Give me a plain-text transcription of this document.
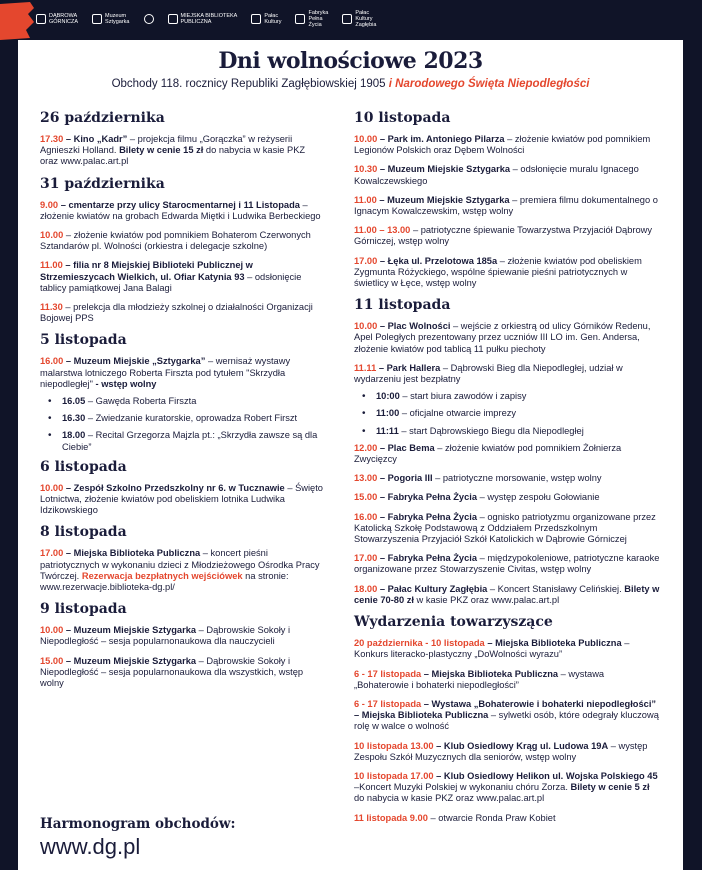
DĄBROWA
GÓRNICZA
Muzeum
Sztygarka
MIEJSKA BIBLIOTEKA
PUBLICZNA
Pałac
Kultury
Fabryka
Pełna
Życia
Pałac
Kultury
Zagłębia
Dni wolnościowe 2023
Obchody 118. rocznicy Republiki Zagłębiowskiej 1905 i Narodowego Święta Niepodległości
26 października
17.30 – Kino „Kadr” – projekcja filmu „Gorączka” w reżyserii Agnieszki Holland. Bilety w cenie 15 zł do nabycia w kasie PKZ oraz www.palac.art.pl
31 października
9.00 – cmentarze przy ulicy Starocmentarnej i 11 Listopada – złożenie kwiatów na grobach Edwarda Miętki i Ludwika Berbeckiego
10.00 – złożenie kwiatów pod pomnikiem Bohaterom Czerwonych Sztandarów pl. Wolności (orkiestra i delegacje szkolne)
11.00 – filia nr 8 Miejskiej Biblioteki Publicznej w Strzemieszycach Wielkich, ul. Ofiar Katynia 93 – odsłonięcie tablicy pamiątkowej Jana Balagi
11.30 – prelekcja dla młodzieży szkolnej o działalności Organizacji Bojowej PPS
5 listopada
16.00 – Muzeum Miejskie „Sztygarka” – wernisaż wystawy malarstwa lotniczego Roberta Firszta pod tytułem "Skrzydła niepodległej" - wstęp wolny
• 16.05 – Gawęda Roberta Firszta
• 16.30 – Zwiedzanie kuratorskie, oprowadza Robert Firszt
• 18.00 – Recital Grzegorza Majzla pt.: „Skrzydła zawsze są dla Ciebie”
6 listopada
10.00 – Zespół Szkolno Przedszkolny nr 6. w Tucznawie – Święto Lotnictwa, złożenie kwiatów pod obeliskiem lotnika Ludwika Idzikowskiego
8 listopada
17.00 – Miejska Biblioteka Publiczna – koncert pieśni patriotycznych w wykonaniu dzieci z Młodzieżowego Ośrodka Pracy Twórczej. Rezerwacja bezpłatnych wejściówek na stronie: www.rezerwacje.biblioteka-dg.pl/
9 listopada
10.00 – Muzeum Miejskie Sztygarka – Dąbrowskie Sokoły i Niepodległość – sesja popularnonaukowa dla nauczycieli
15.00 – Muzeum Miejskie Sztygarka – Dąbrowskie Sokoły i Niepodległość – sesja popularnonaukowa dla wszystkich, wstęp wolny
10 listopada
10.00 – Park im. Antoniego Pilarza – złożenie kwiatów pod pomnikiem Legionów Polskich oraz Dębem Wolności
10.30 – Muzeum Miejskie Sztygarka – odsłonięcie muralu Ignacego Kowalczewskiego
11.00 – Muzeum Miejskie Sztygarka – premiera filmu dokumentalnego o Ignacym Kowalczewskim, wstęp wolny
11.00 – 13.00 – patriotyczne śpiewanie Towarzystwa Przyjaciół Dąbrowy Górniczej, wstęp wolny
17.00 – Łęka ul. Przelotowa 185a – złożenie kwiatów pod obeliskiem Zygmunta Różyckiego, wspólne śpiewanie pieśni patriotycznych w świetlicy w Łęce, wstęp wolny
11 listopada
10.00 – Plac Wolności – wejście z orkiestrą od ulicy Górników Redenu, Apel Poległych prezentowany przez uczniów III LO im. Gen. Andersa, złożenie kwiatów pod tablicą 11 pułku piechoty
11.11 – Park Hallera – Dąbrowski Bieg dla Niepodległej, udział w wydarzeniu jest bezpłatny
• 10:00 – start biura zawodów i zapisy
• 11:00 – oficjalne otwarcie imprezy
• 11:11 – start Dąbrowskiego Biegu dla Niepodległej
12.00 – Plac Bema – złożenie kwiatów pod pomnikiem Żołnierza Zwycięzcy
13.00 – Pogoria III – patriotyczne morsowanie, wstęp wolny
15.00 – Fabryka Pełna Życia – występ zespołu Gołowianie
16.00 – Fabryka Pełna Życia – ognisko patriotyzmu organizowane przez Katolicką Szkołę Podstawową z Oddziałem Przedszkolnym Stowarzyszenia Przyjaciół Szkół Katolickich w Dąbrowie Górniczej
17.00 – Fabryka Pełna Życia – międzypokoleniowe, patriotyczne karaoke organizowane przez Stowarzyszenie Civitas, wstęp wolny
18.00 – Pałac Kultury Zagłębia – Koncert Stanisławy Celińskiej. Bilety w cenie 70-80 zł w kasie PKZ oraz www.palac.art.pl
Wydarzenia towarzyszące
20 października - 10 listopada – Miejska Biblioteka Publiczna – Konkurs literacko-plastyczny „DoWolności wyrazu”
6 - 17 listopada – Miejska Biblioteka Publiczna – wystawa „Bohaterowie i bohaterki niepodległości”
6 - 17 listopada – Wystawa „Bohaterowie i bohaterki niepodległości” – Miejska Biblioteka Publiczna – sylwetki osób, które odegrały kluczową rolę w walce o wolność
10 listopada 13.00 – Klub Osiedlowy Krąg ul. Ludowa 19A – występ Zespołu Szkół Muzycznych dla seniorów, wstęp wolny
10 listopada 17.00 – Klub Osiedlowy Helikon ul. Wojska Polskiego 45 –Koncert Muzyki Polskiej w wykonaniu chóru Zorza. Bilety w cenie 5 zł do nabycia w kasie PKZ oraz www.palac.art.pl
11 listopada 9.00 – otwarcie Ronda Praw Kobiet
Harmonogram obchodów:
www.dg.pl
